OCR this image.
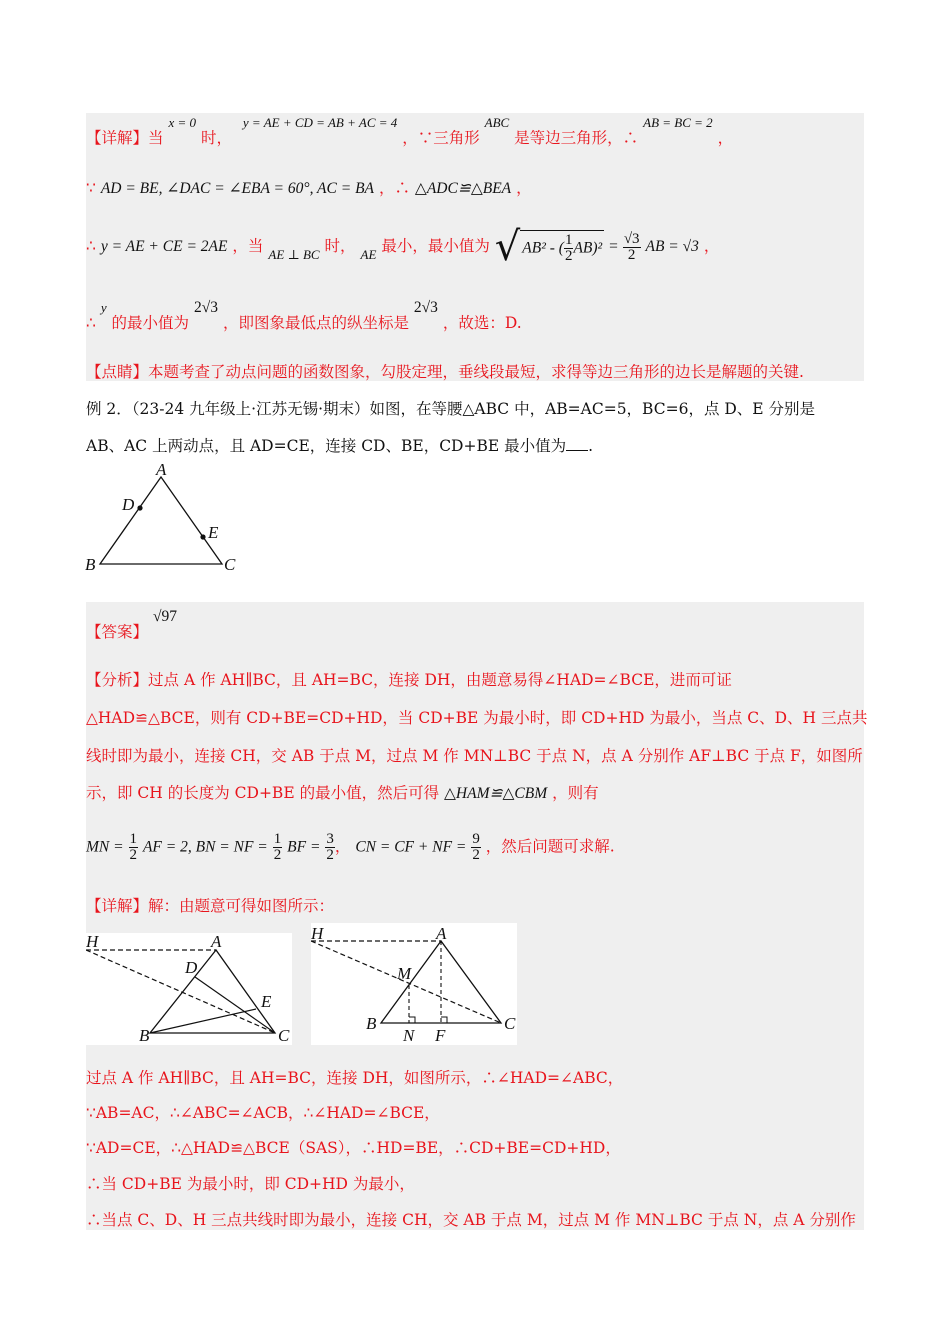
【详解】当 $^{x = 0}$ 时， $^{y = AE + CD = AB + AC = 4}$ ，∵三角形 $^{ABC}$ 是等边三角形，∴ $^{AB = BC = 2}$ ，
∵ AD = BE, ∠DAC = ∠EBA = 60°, AC = BA ，∴ △ADC≌△BEA ，
∴ y = AE + CE = 2AE ，当 $_{AE \perp BC}$ 时， $_{AE}$ 最小，最小值为 √ AB² - ( $\frac{1}{2} AB)^2 = \frac{√3}{2}$ AB = √3 ，
∴ $^y$ 的最小值为 2√3 ，即图象最低点的纵坐标是 2√3 ，故选：D.
【点睛】本题考查了动点问题的函数图象，勾股定理，垂线段最短，求得等边三角形的边长是解题的关键.
例 2．（23-24 九年级上·江苏无锡·期末）如图，在等腰△ABC 中，AB=AC=5，BC=6，点 D、E 分别是
AB、AC 上两动点，且 AD=CE，连接 CD、BE，CD+BE 最小值为 .
A
D
E
B	C
【答案】 √97
【分析】过点 A 作 AH∥BC，且 AH=BC，连接 DH，由题意易得∠HAD=∠BCE，进而可证
△HAD≌△BCE，则有 CD+BE=CD+HD，当 CD+BE 为最小时，即 CD+HD 为最小，当点 C、D、H 三点共
线时即为最小，连接 CH，交 AB 于点 M，过点 M 作 MN⊥BC 于点 N，点 A 分别作 AF⊥BC 于点 F，如图所
示，即 CH 的长度为 CD+BE 的最小值，然后可得 △HAM≌△CBM ，则有
MN = $\frac{1}{2}$ AF = 2, BN = NF = $\frac{1}{2}$ BF = $\frac{3}{2}$ ， CN = CF + NF = $\frac{9}{2}$ ，然后问题可求解.
【详解】解：由题意可得如图所示：
H	A
D
E
B	C
H	A
M
B
N F
C
过点 A 作 AH∥BC，且 AH=BC，连接 DH，如图所示，∴∠HAD=∠ABC，
∵AB=AC，∴∠ABC=∠ACB，∴∠HAD=∠BCE，
∵AD=CE，∴△HAD≌△BCE（SAS），∴HD=BE，∴CD+BE=CD+HD，
∴当 CD+BE 为最小时，即 CD+HD 为最小，
∴当点 C、D、H 三点共线时即为最小，连接 CH，交 AB 于点 M，过点 M 作 MN⊥BC 于点 N，点 A 分别作
